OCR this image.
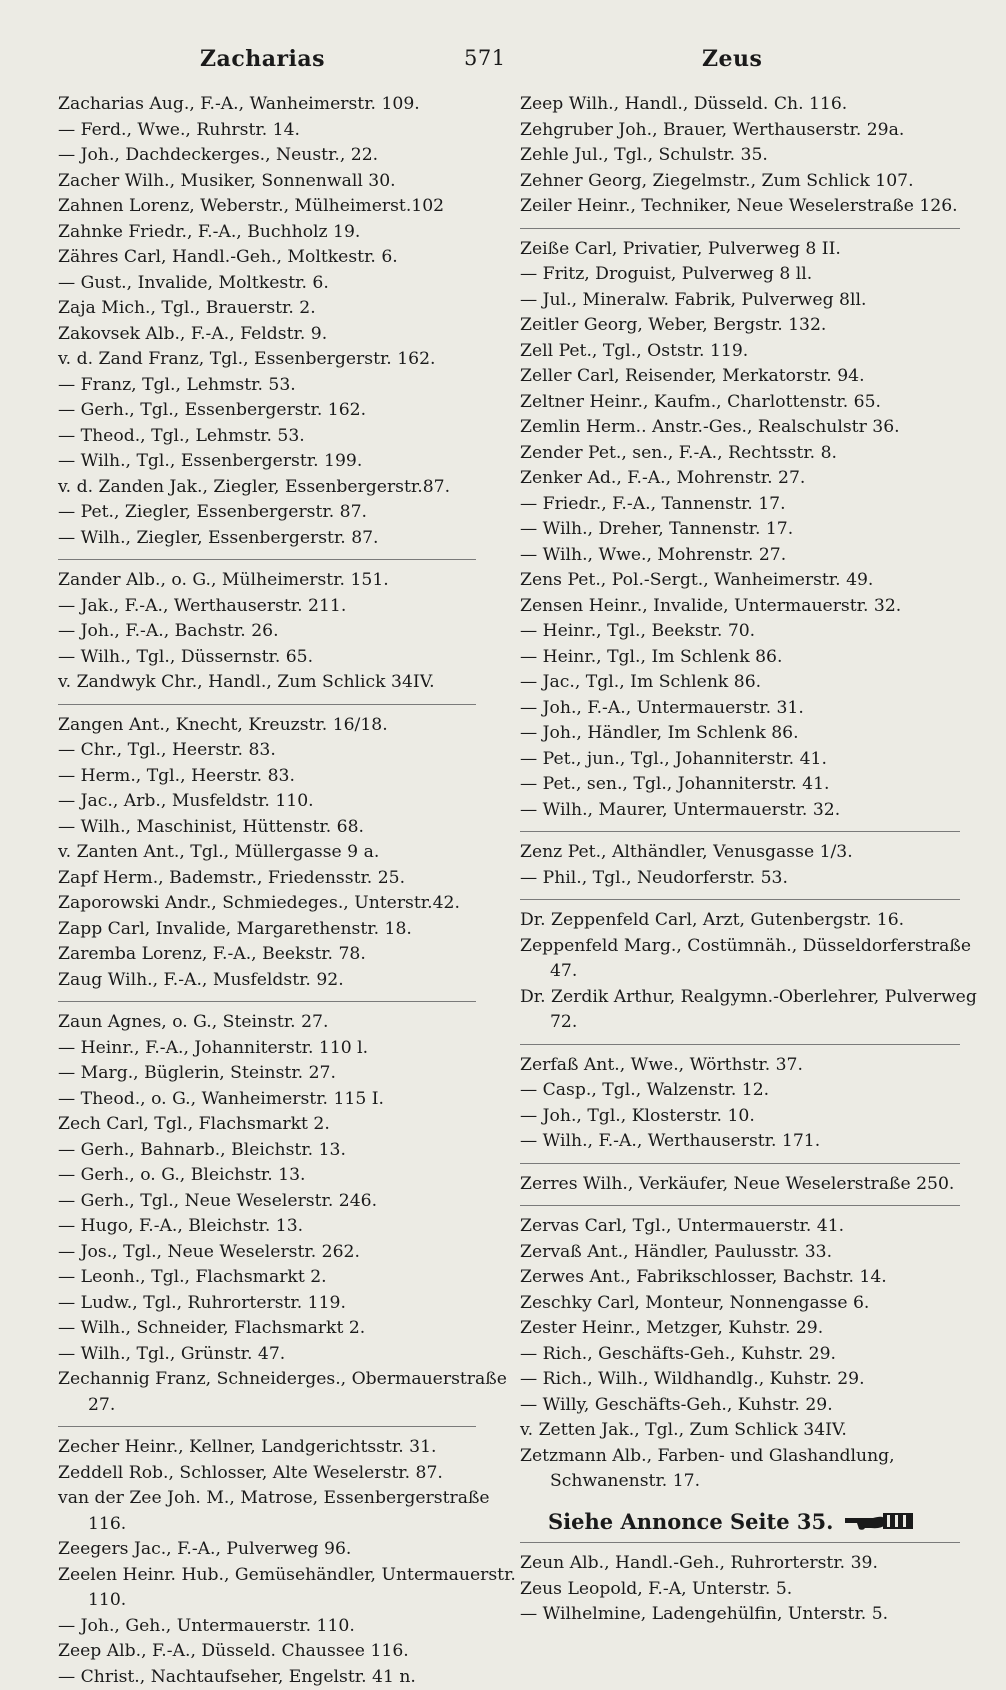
Zacharias	571	Zeus

Zacharias Aug., F.-A., Wanheimerstr. 109.

— Ferd., Wwe., Ruhrstr. 14.

— Joh., Dachdeckerges., Neustr., 22.

Zacher Wilh., Musiker, Sonnenwall 30.

Zahnen Lorenz, Weberstr., Mülheimerst.102

Zahnke Friedr., F.-A., Buchholz 19.

Zähres Carl, Handl.-Geh., Moltkestr. 6.

— Gust., Invalide, Moltkestr. 6.

Zaja Mich., Tgl., Brauerstr. 2.

Zakovsek Alb., F.-A., Feldstr. 9.

v. d. Zand Franz, Tgl., Essenbergerstr. 162.

— Franz, Tgl., Lehmstr. 53.

— Gerh., Tgl., Essenbergerstr. 162.

— Theod., Tgl., Lehmstr. 53.

— Wilh., Tgl., Essenbergerstr. 199.

v. d. Zanden Jak., Ziegler, Essenbergerstr.87.

— Pet., Ziegler, Essenbergerstr. 87.

— Wilh., Ziegler, Essenbergerstr. 87.

Zander Alb., o. G., Mülheimerstr. 151.

— Jak., F.-A., Werthauserstr. 211.

— Joh., F.-A., Bachstr. 26.

— Wilh., Tgl., Düssernstr. 65.

v. Zandwyk Chr., Handl., Zum Schlick 34IV.

Zangen Ant., Knecht, Kreuzstr. 16/18.

— Chr., Tgl., Heerstr. 83.

— Herm., Tgl., Heerstr. 83.

— Jac., Arb., Musfeldstr. 110.

— Wilh., Maschinist, Hüttenstr. 68.

v. Zanten Ant., Tgl., Müllergasse 9 a.

Zapf Herm., Bademstr., Friedensstr. 25.

Zaporowski Andr., Schmiedeges., Unterstr.42.

Zapp Carl, Invalide, Margarethenstr. 18.

Zaremba Lorenz, F.-A., Beekstr. 78.

Zaug Wilh., F.-A., Musfeldstr. 92.

Zaun Agnes, o. G., Steinstr. 27.

— Heinr., F.-A., Johanniterstr. 110 l.

— Marg., Büglerin, Steinstr. 27.

— Theod., o. G., Wanheimerstr. 115 I.

Zech Carl, Tgl., Flachsmarkt 2.

— Gerh., Bahnarb., Bleichstr. 13.

— Gerh., o. G., Bleichstr. 13.

— Gerh., Tgl., Neue Weselerstr. 246.

— Hugo, F.-A., Bleichstr. 13.

— Jos., Tgl., Neue Weselerstr. 262.

— Leonh., Tgl., Flachsmarkt 2.

— Ludw., Tgl., Ruhrorterstr. 119.

— Wilh., Schneider, Flachsmarkt 2.

— Wilh., Tgl., Grünstr. 47.

Zechannig Franz, Schneiderges., Obermauerstraße 27.

Zecher Heinr., Kellner, Landgerichtsstr. 31.

Zeddell Rob., Schlosser, Alte Weselerstr. 87.

van der Zee Joh. M., Matrose, Essenbergerstraße 116.

Zeegers Jac., F.-A., Pulverweg 96.

Zeelen Heinr. Hub., Gemüsehändler, Untermauerstr. 110.

— Joh., Geh., Untermauerstr. 110.

Zeep Alb., F.-A., Düsseld. Chaussee 116.

— Christ., Nachtaufseher, Engelstr. 41 n.

Zeep Wilh., Handl., Düsseld. Ch. 116.

Zehgruber Joh., Brauer, Werthauserstr. 29a.

Zehle Jul., Tgl., Schulstr. 35.

Zehner Georg, Ziegelmstr., Zum Schlick 107.

Zeiler Heinr., Techniker, Neue Weselerstraße 126.

Zeiße Carl, Privatier, Pulverweg 8 II.

— Fritz, Droguist, Pulverweg 8 ll.

— Jul., Mineralw. Fabrik, Pulverweg 8ll.

Zeitler Georg, Weber, Bergstr. 132.

Zell Pet., Tgl., Oststr. 119.

Zeller Carl, Reisender, Merkatorstr. 94.

Zeltner Heinr., Kaufm., Charlottenstr. 65.

Zemlin Herm.. Anstr.-Ges., Realschulstr 36.

Zender Pet., sen., F.-A., Rechtsstr. 8.

Zenker Ad., F.-A., Mohrenstr. 27.

— Friedr., F.-A., Tannenstr. 17.

— Wilh., Dreher, Tannenstr. 17.

— Wilh., Wwe., Mohrenstr. 27.

Zens Pet., Pol.-Sergt., Wanheimerstr. 49.

Zensen Heinr., Invalide, Untermauerstr. 32.

— Heinr., Tgl., Beekstr. 70.

— Heinr., Tgl., Im Schlenk 86.

— Jac., Tgl., Im Schlenk 86.

— Joh., F.-A., Untermauerstr. 31.

— Joh., Händler, Im Schlenk 86.

— Pet., jun., Tgl., Johanniterstr. 41.

— Pet., sen., Tgl., Johanniterstr. 41.

— Wilh., Maurer, Untermauerstr. 32.

Zenz Pet., Althändler, Venusgasse 1/3.

— Phil., Tgl., Neudorferstr. 53.

Dr. Zeppenfeld Carl, Arzt, Gutenbergstr. 16.

Zeppenfeld Marg., Costümnäh., Düsseldorferstraße 47.

Dr. Zerdik Arthur, Realgymn.-Oberlehrer, Pulverweg 72.

Zerfaß Ant., Wwe., Wörthstr. 37.

— Casp., Tgl., Walzenstr. 12.

— Joh., Tgl., Klosterstr. 10.

— Wilh., F.-A., Werthauserstr. 171.

Zerres Wilh., Verkäufer, Neue Weselerstraße 250.

Zervas Carl, Tgl., Untermauerstr. 41.

Zervaß Ant., Händler, Paulusstr. 33.

Zerwes Ant., Fabrikschlosser, Bachstr. 14.

Zeschky Carl, Monteur, Nonnengasse 6.

Zester Heinr., Metzger, Kuhstr. 29.

— Rich., Geschäfts-Geh., Kuhstr. 29.

— Rich., Wilh., Wildhandlg., Kuhstr. 29.

— Willy, Geschäfts-Geh., Kuhstr. 29.

v. Zetten Jak., Tgl., Zum Schlick 34IV.

Zetzmann Alb., Farben- und Glashandlung, Schwanenstr. 17.

Siehe Annonce Seite 35.

Zeun Alb., Handl.-Geh., Ruhrorterstr. 39.

Zeus Leopold, F.-A, Unterstr. 5.

— Wilhelmine, Ladengehülfin, Unterstr. 5.
